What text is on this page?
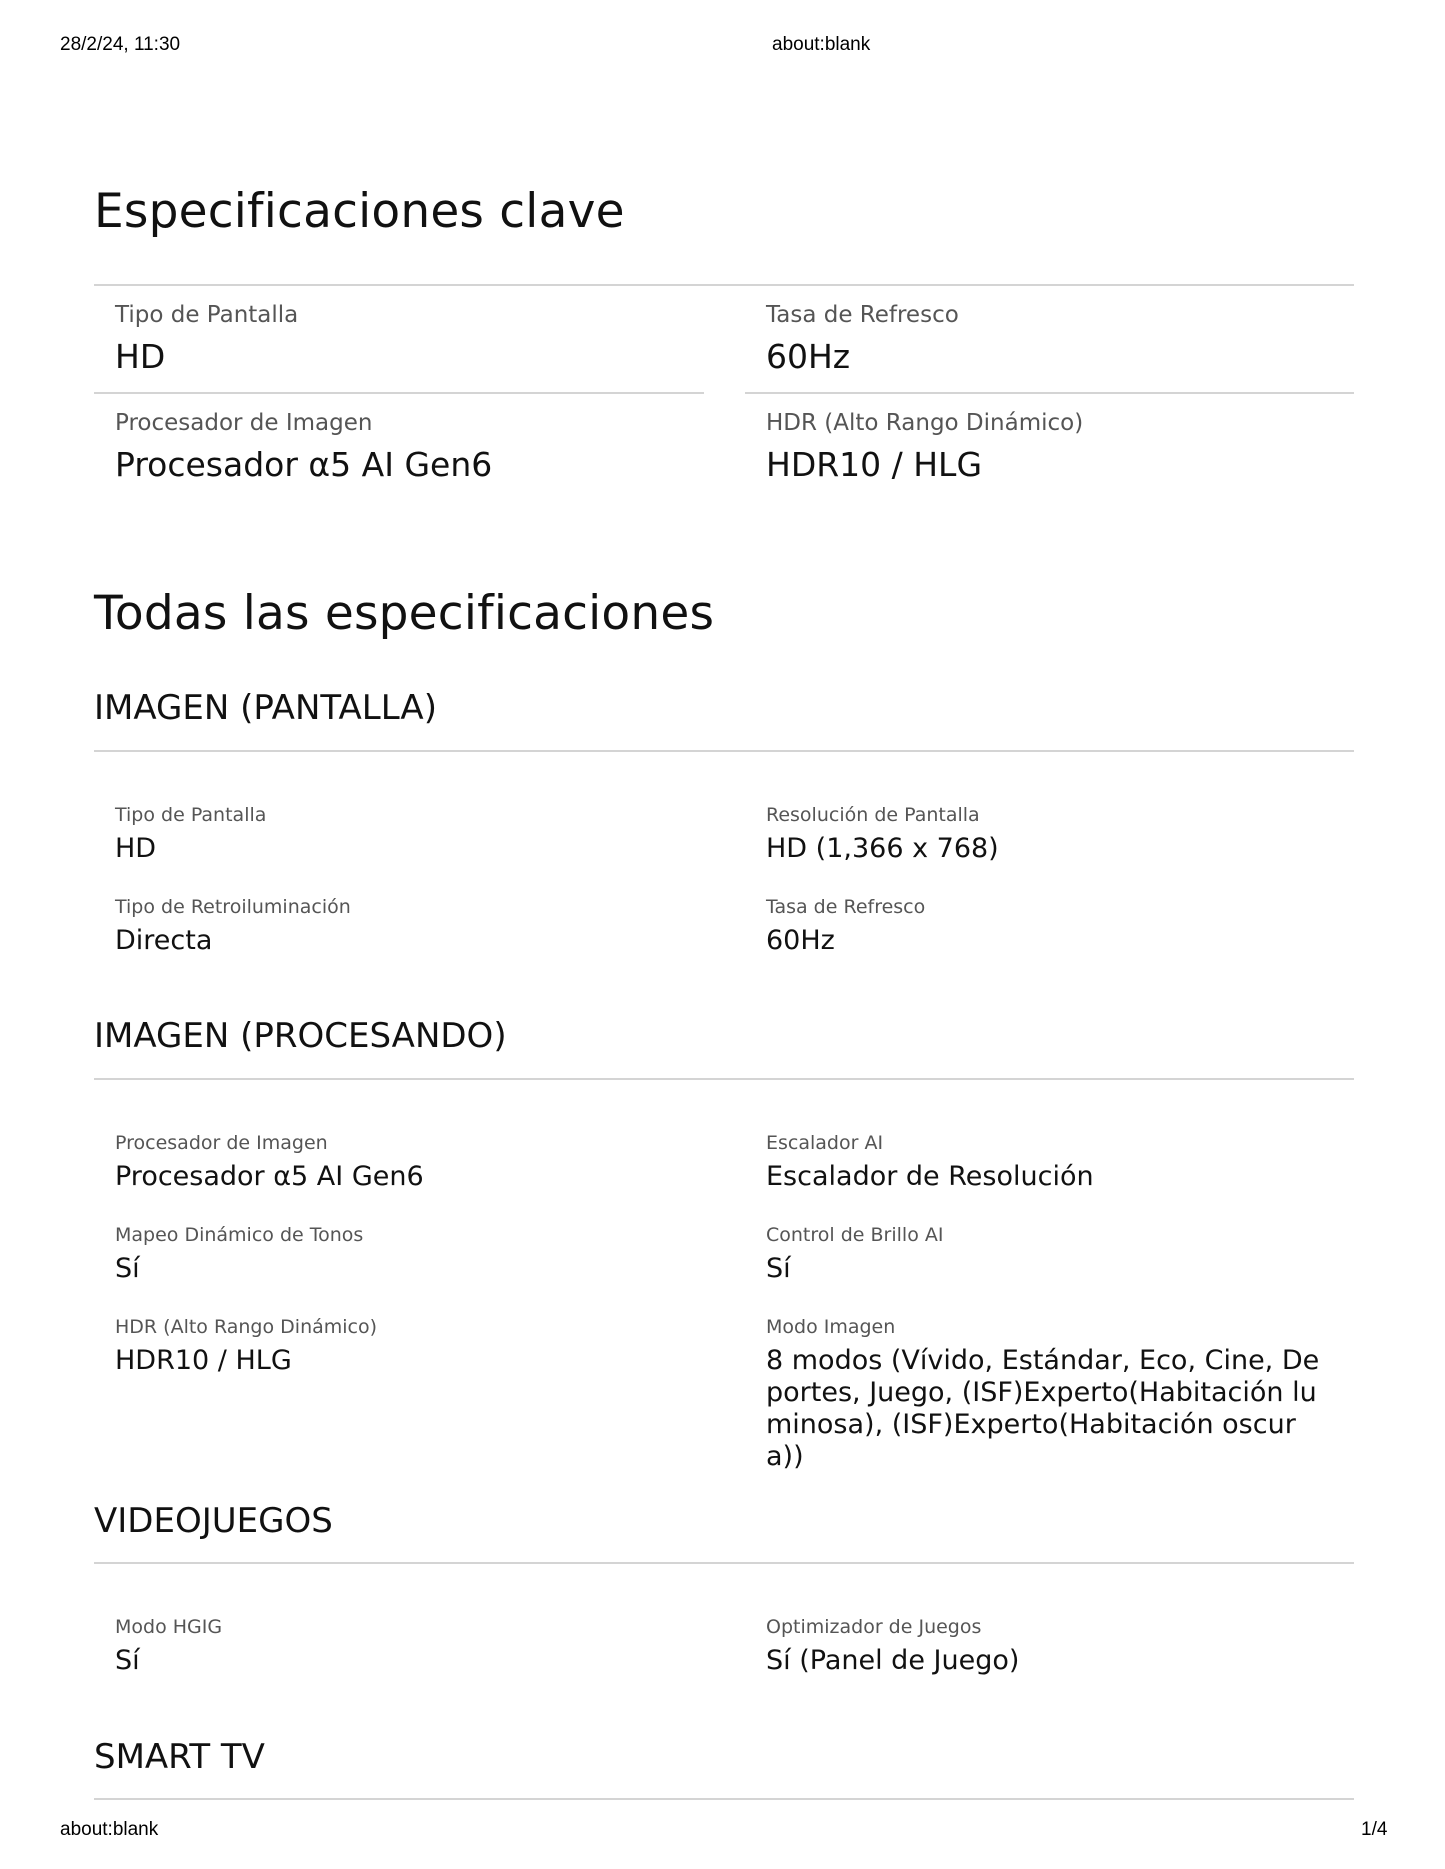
28/2/24, 11:30	about:blank
Especificaciones clave
Tipo de Pantalla
HD
Tasa de Refresco
60Hz
Procesador de Imagen
Procesador α5 AI Gen6
HDR (Alto Rango Dinámico)
HDR10 / HLG
Todas las especificaciones
IMAGEN (PANTALLA)
Tipo de Pantalla
HD
Resolución de Pantalla
HD (1,366 x 768)
Tipo de Retroiluminación
Directa
Tasa de Refresco
60Hz
IMAGEN (PROCESANDO)
Procesador de Imagen
Procesador α5 AI Gen6
Escalador AI
Escalador de Resolución
Mapeo Dinámico de Tonos
Sí
Control de Brillo AI
Sí
HDR (Alto Rango Dinámico)
HDR10 / HLG
Modo Imagen
8 modos (Vívido, Estándar, Eco, Cine, Deportes, Juego, (ISF)Experto(Habitación luminosa), (ISF)Experto(Habitación oscura))
VIDEOJUEGOS
Modo HGIG
Sí
Optimizador de Juegos
Sí (Panel de Juego)
SMART TV
about:blank	1/4
